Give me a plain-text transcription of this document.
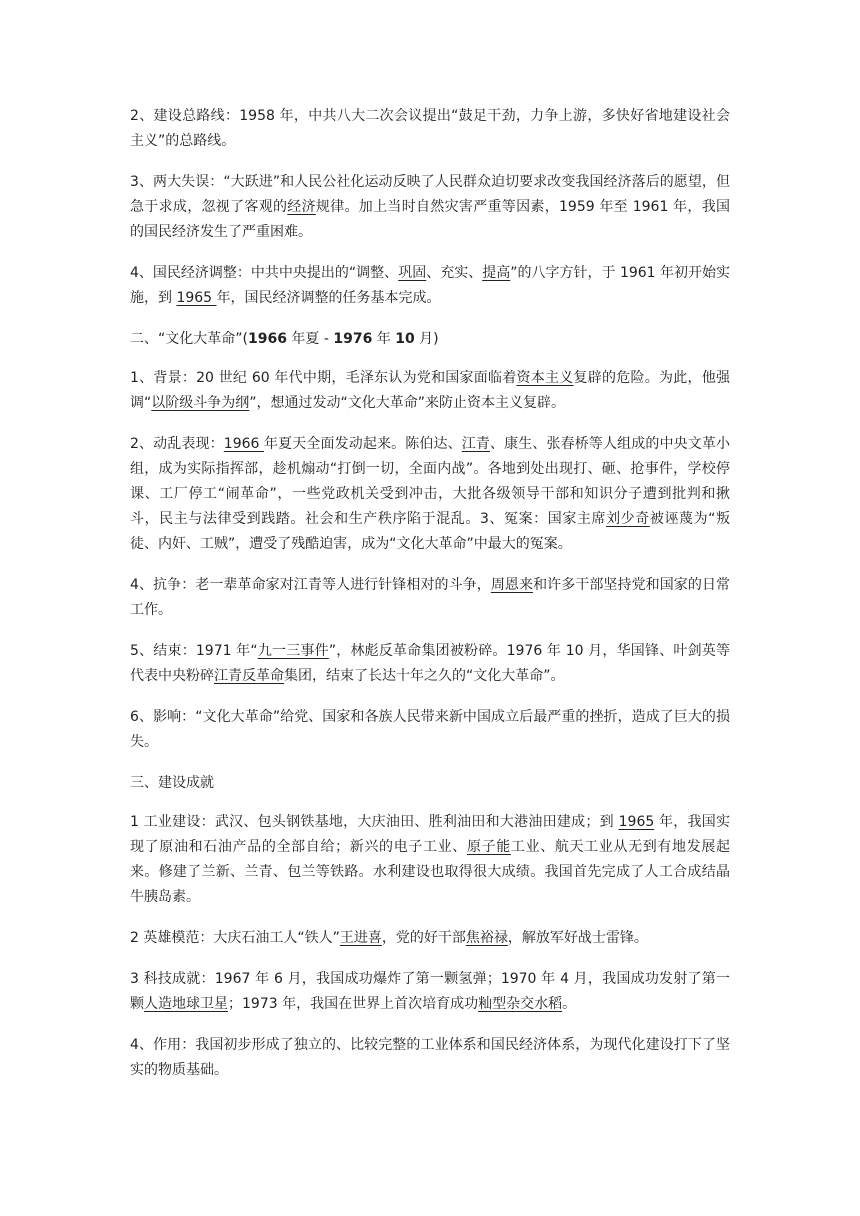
2、建设总路线：1958 年，中共八大二次会议提出“鼓足干劲，力争上游，多快好省地建设社会主义”的总路线。

3、两大失误：“大跃进”和人民公社化运动反映了人民群众迫切要求改变我国经济落后的愿望，但急于求成，忽视了客观的经济规律。加上当时自然灾害严重等因素，1959 年至 1961 年，我国的国民经济发生了严重困难。

4、国民经济调整：中共中央提出的“调整、巩固、充实、提高”的八字方针，于 1961 年初开始实施，到 1965 年，国民经济调整的任务基本完成。

二、“文化大革命”(1966 年夏 - 1976 年 10 月)

1、背景：20 世纪 60 年代中期，毛泽东认为党和国家面临着资本主义复辟的危险。为此，他强调“以阶级斗争为纲”，想通过发动“文化大革命”来防止资本主义复辟。

2、动乱表现：1966 年夏天全面发动起来。陈伯达、江青、康生、张春桥等人组成的中央文革小组，成为实际指挥部，趁机煽动“打倒一切，全面内战”。各地到处出现打、砸、抢事件，学校停课、工厂停工“闹革命”，一些党政机关受到冲击，大批各级领导干部和知识分子遭到批判和揪斗，民主与法律受到践踏。社会和生产秩序陷于混乱。3、冤案：国家主席刘少奇被诬蔑为“叛徒、内奸、工贼”，遭受了残酷迫害，成为“文化大革命”中最大的冤案。

4、抗争：老一辈革命家对江青等人进行针锋相对的斗争，周恩来和许多干部坚持党和国家的日常工作。

5、结束：1971 年“九一三事件”，林彪反革命集团被粉碎。1976 年 10 月，华国锋、叶剑英等代表中央粉碎江青反革命集团，结束了长达十年之久的“文化大革命”。

6、影响：“文化大革命”给党、国家和各族人民带来新中国成立后最严重的挫折，造成了巨大的损失。

三、建设成就

1 工业建设：武汉、包头钢铁基地，大庆油田、胜利油田和大港油田建成；到 1965 年，我国实现了原油和石油产品的全部自给；新兴的电子工业、原子能工业、航天工业从无到有地发展起来。修建了兰新、兰青、包兰等铁路。水利建设也取得很大成绩。我国首先完成了人工合成结晶牛胰岛素。

2 英雄模范：大庆石油工人“铁人”王进喜，党的好干部焦裕禄，解放军好战士雷锋。

3 科技成就：1967 年 6 月，我国成功爆炸了第一颗氢弹；1970 年 4 月，我国成功发射了第一颗人造地球卫星；1973 年，我国在世界上首次培育成功籼型杂交水稻。

4、作用：我国初步形成了独立的、比较完整的工业体系和国民经济体系，为现代化建设打下了坚实的物质基础。
